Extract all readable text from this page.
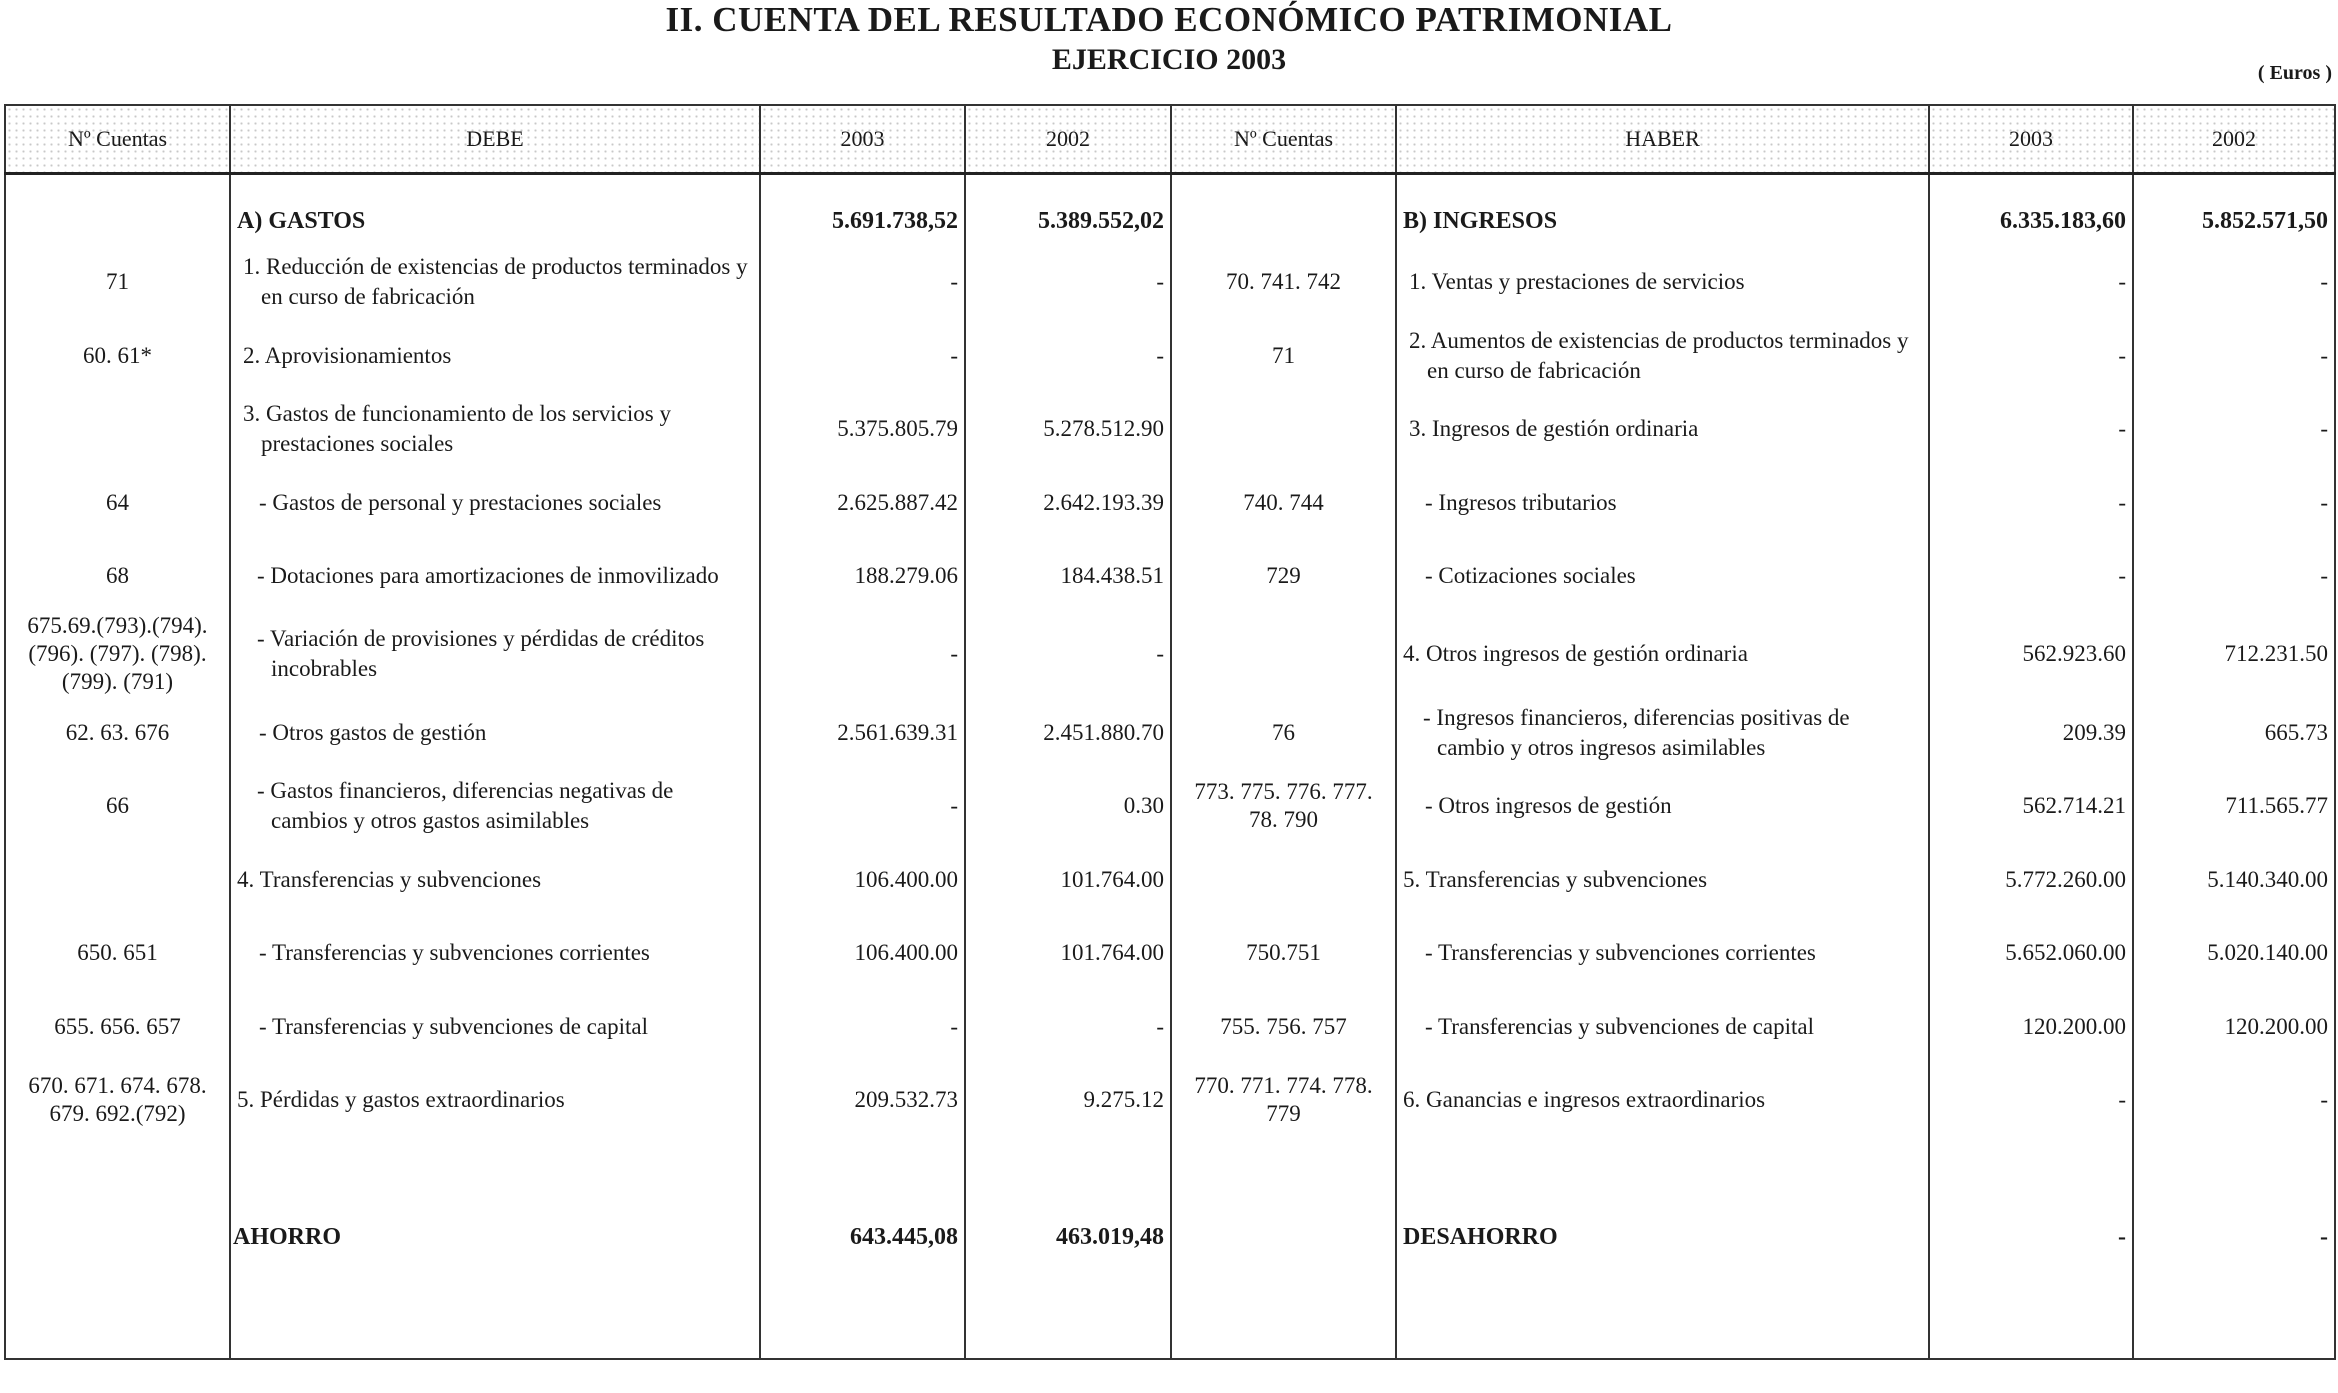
II. CUENTA DEL RESULTADO ECONÓMICO PATRIMONIAL
EJERCICIO 2003	( Euros )
Nº Cuentas	DEBE	2003	2002	Nº Cuentas	HABER	2003	2002

	A) GASTOS	5.691.738,52	5.389.552,02		B) INGRESOS	6.335.183,60	5.852.571,50
71	1. Reducción de existencias de productos terminados y en curso de fabricación	-	-	70. 741. 742	1. Ventas y prestaciones de servicios	-	-
60. 61*	2. Aprovisionamientos	-	-	71	2. Aumentos de existencias de productos terminados y en curso de fabricación	-	-
	3. Gastos de funcionamiento de los servicios y prestaciones sociales	5.375.805.79	5.278.512.90		3. Ingresos de gestión ordinaria	-	-
64	- Gastos de personal y prestaciones sociales	2.625.887.42	2.642.193.39	740. 744	- Ingresos tributarios	-	-
68	- Dotaciones para amortizaciones de inmovilizado	188.279.06	184.438.51	729	- Cotizaciones sociales	-	-
675.69.(793).(794). (796). (797). (798). (799). (791)	- Variación de provisiones y pérdidas de créditos incobrables	-	-		4. Otros ingresos de gestión ordinaria	562.923.60	712.231.50
62. 63. 676	- Otros gastos de gestión	2.561.639.31	2.451.880.70	76	- Ingresos financieros, diferencias positivas de cambio y otros ingresos asimilables	209.39	665.73
66	- Gastos financieros, diferencias negativas de cambios y otros gastos asimilables	-	0.30	773. 775. 776. 777. 78. 790	- Otros ingresos de gestión	562.714.21	711.565.77
	4. Transferencias y subvenciones	106.400.00	101.764.00		5. Transferencias y subvenciones	5.772.260.00	5.140.340.00
650. 651	- Transferencias y subvenciones corrientes	106.400.00	101.764.00	750.751	- Transferencias y subvenciones corrientes	5.652.060.00	5.020.140.00
655. 656. 657	- Transferencias y subvenciones de capital	-	-	755. 756. 757	- Transferencias y subvenciones de capital	120.200.00	120.200.00
670. 671. 674. 678. 679. 692.(792)	5. Pérdidas y gastos extraordinarios	209.532.73	9.275.12	770. 771. 774. 778. 779	6. Ganancias e ingresos extraordinarios	-	-

	AHORRO	643.445,08	463.019,48		DESAHORRO	-	-
